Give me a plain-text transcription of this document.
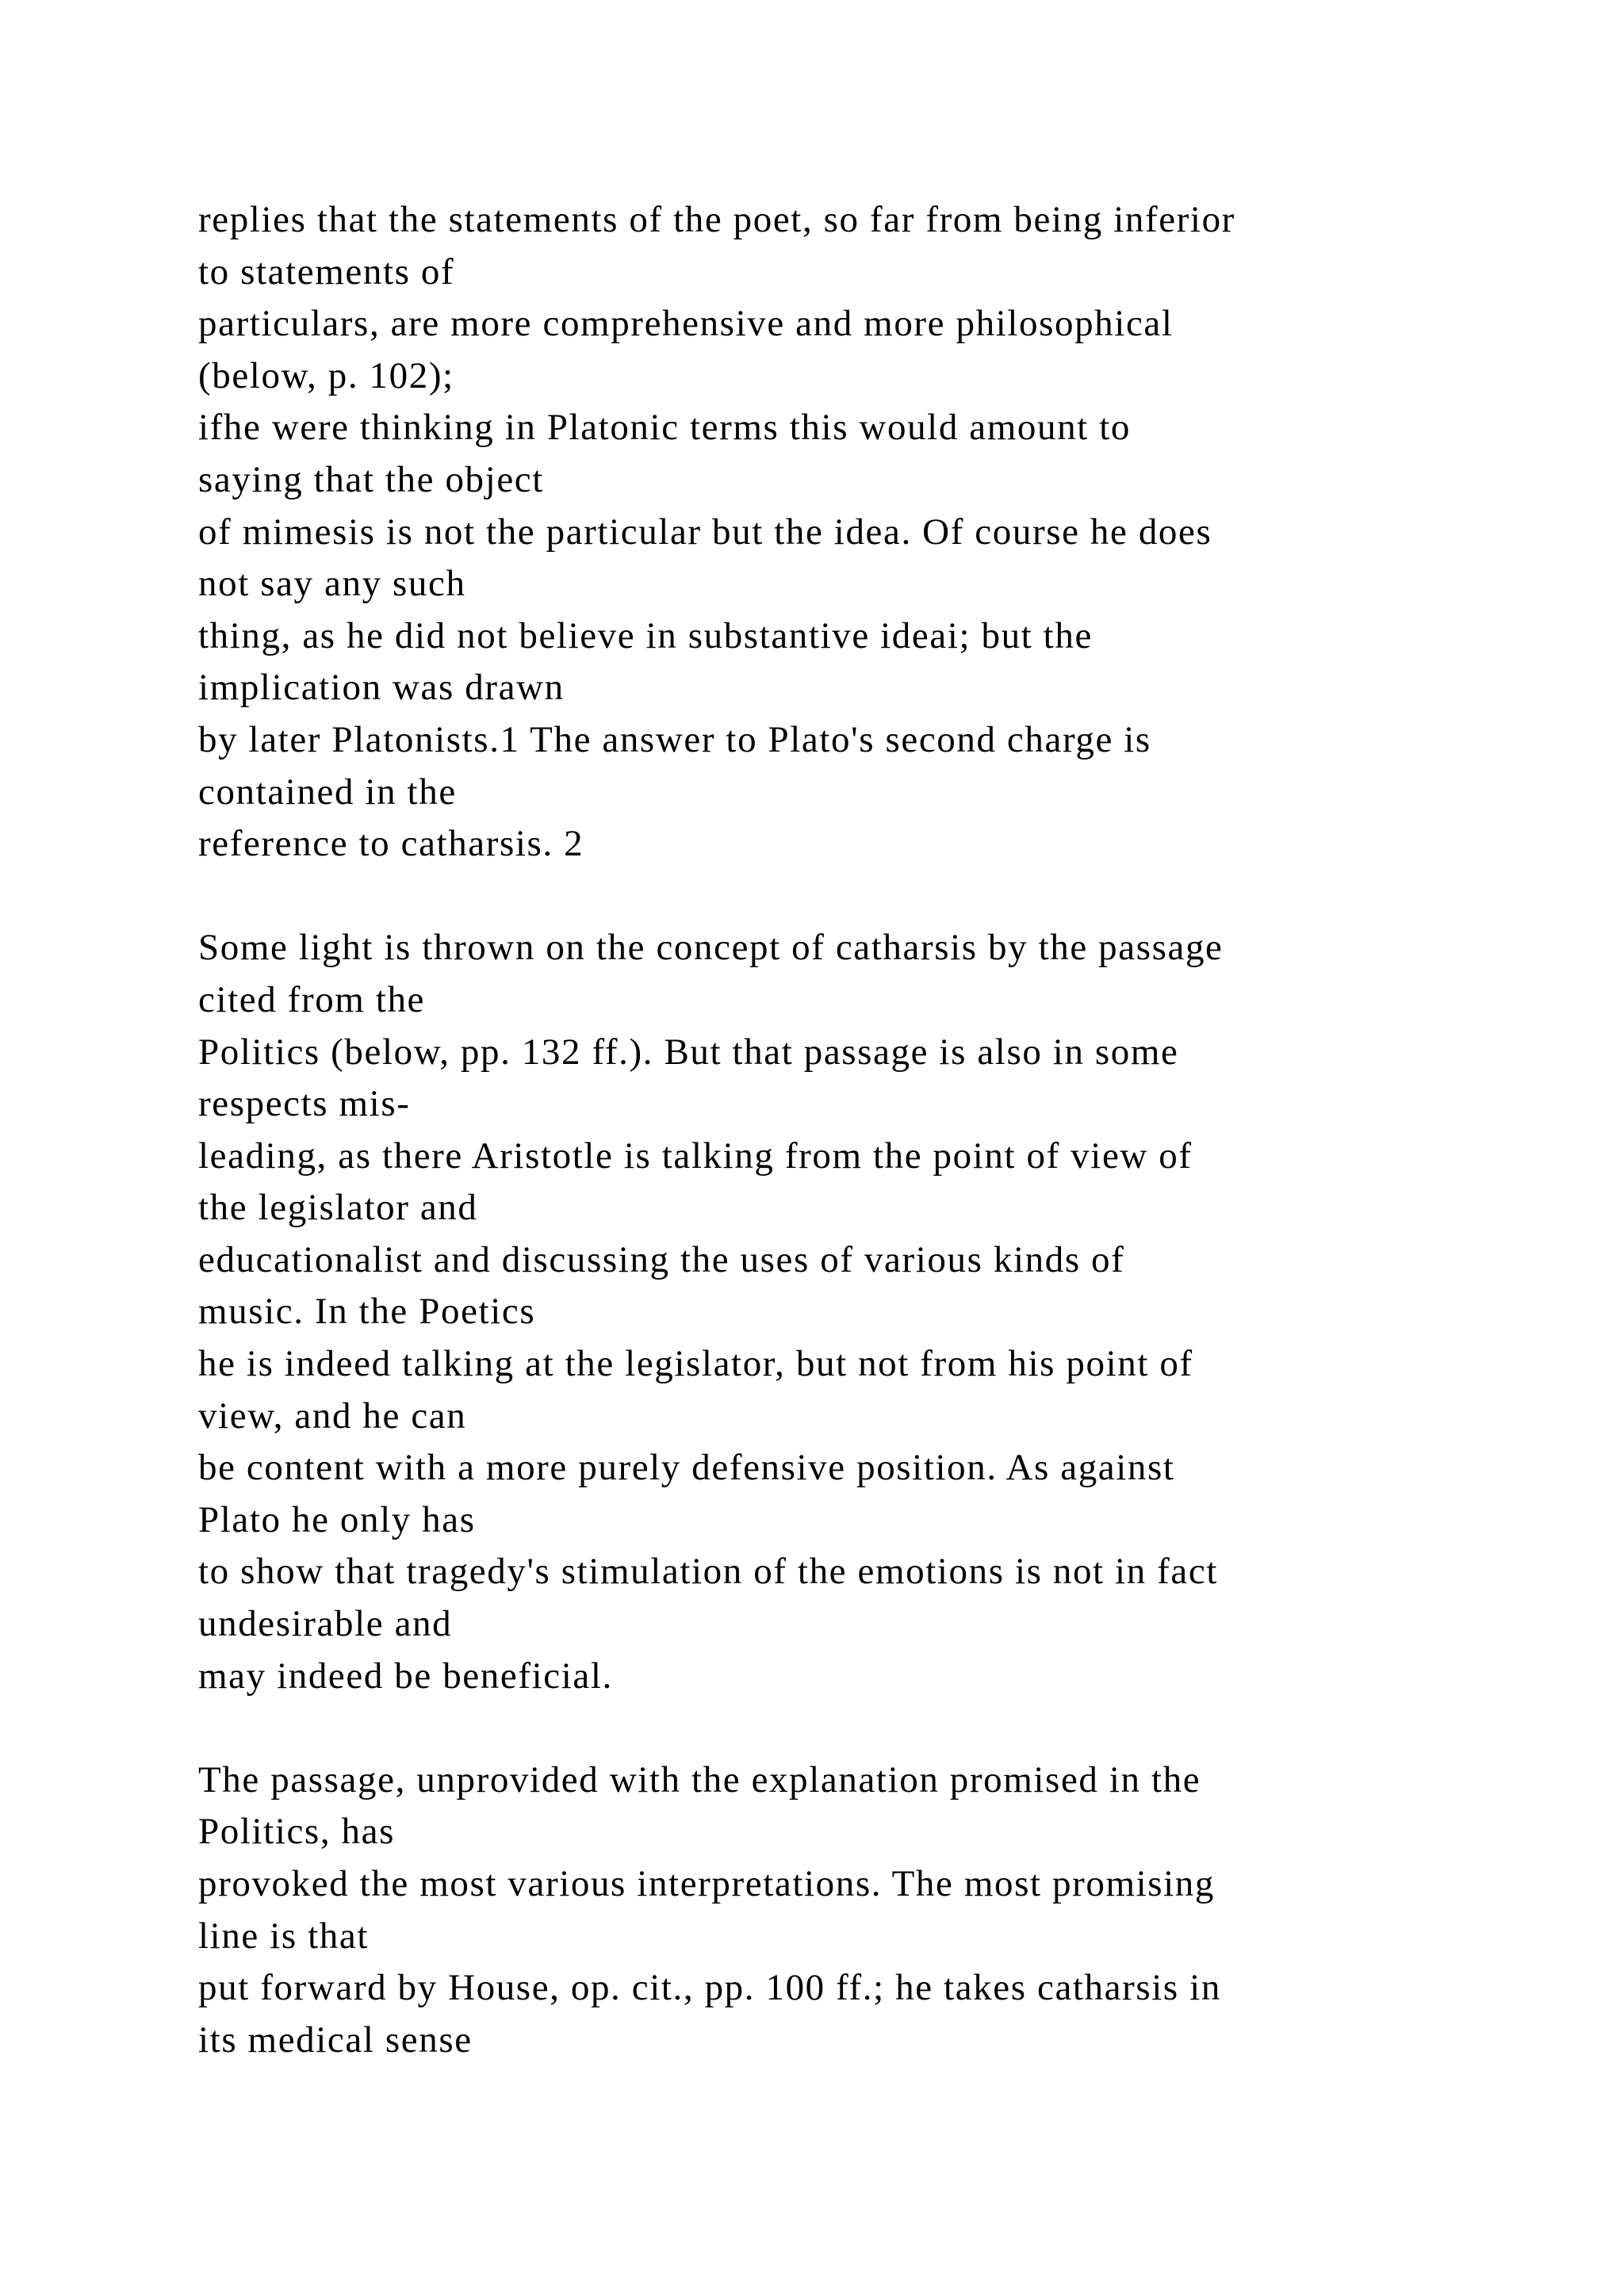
replies that the statements of the poet, so far from being inferior
to statements of
particulars, are more comprehensive and more philosophical
(below, p. 102);
ifhe were thinking in Platonic terms this would amount to
saying that the object
of mimesis is not the particular but the idea. Of course he does
not say any such
thing, as he did not believe in substantive ideai; but the
implication was drawn
by later Platonists.1 The answer to Plato's second charge is
contained in the
reference to catharsis. 2
Some light is thrown on the concept of catharsis by the passage
cited from the
Politics (below, pp. 132 ff.). But that passage is also in some
respects mis-
leading, as there Aristotle is talking from the point of view of
the legislator and
educationalist and discussing the uses of various kinds of
music. In the Poetics
he is indeed talking at the legislator, but not from his point of
view, and he can
be content with a more purely defensive position. As against
Plato he only has
to show that tragedy's stimulation of the emotions is not in fact
undesirable and
may indeed be beneficial.
The passage, unprovided with the explanation promised in the
Politics, has
provoked the most various interpretations. The most promising
line is that
put forward by House, op. cit., pp. 100 ff.; he takes catharsis in
its medical sense
